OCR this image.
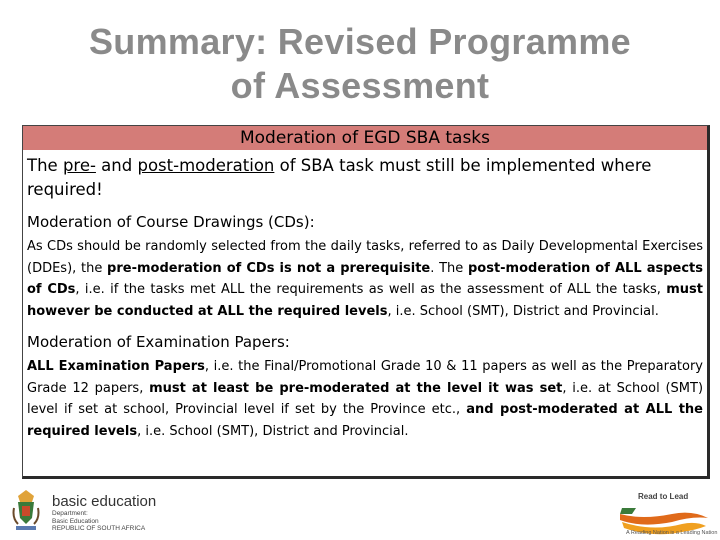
Summary: Revised Programme
of Assessment
Moderation of EGD SBA tasks
The pre- and post-moderation of SBA task must still be implemented where required!
Moderation of Course Drawings (CDs):
As CDs should be randomly selected from the daily tasks, referred to as Daily Developmental Exercises (DDEs), the pre-moderation of CDs is not a prerequisite. The post-moderation of ALL aspects of CDs, i.e. if the tasks met ALL the requirements as well as the assessment of ALL the tasks, must however be conducted at ALL the required levels, i.e. School (SMT), District and Provincial.
Moderation of Examination Papers:
ALL Examination Papers, i.e. the Final/Promotional Grade 10 & 11 papers as well as the Preparatory Grade 12 papers, must at least be pre-moderated at the level it was set, i.e. at School (SMT) level if set at school, Provincial level if set by the Province etc., and post-moderated at ALL the required levels, i.e. School (SMT), District and Provincial.
basic education
Department:
Basic Education
REPUBLIC OF SOUTH AFRICA
Read to Lead
A Reading Nation is a Leading Nation
